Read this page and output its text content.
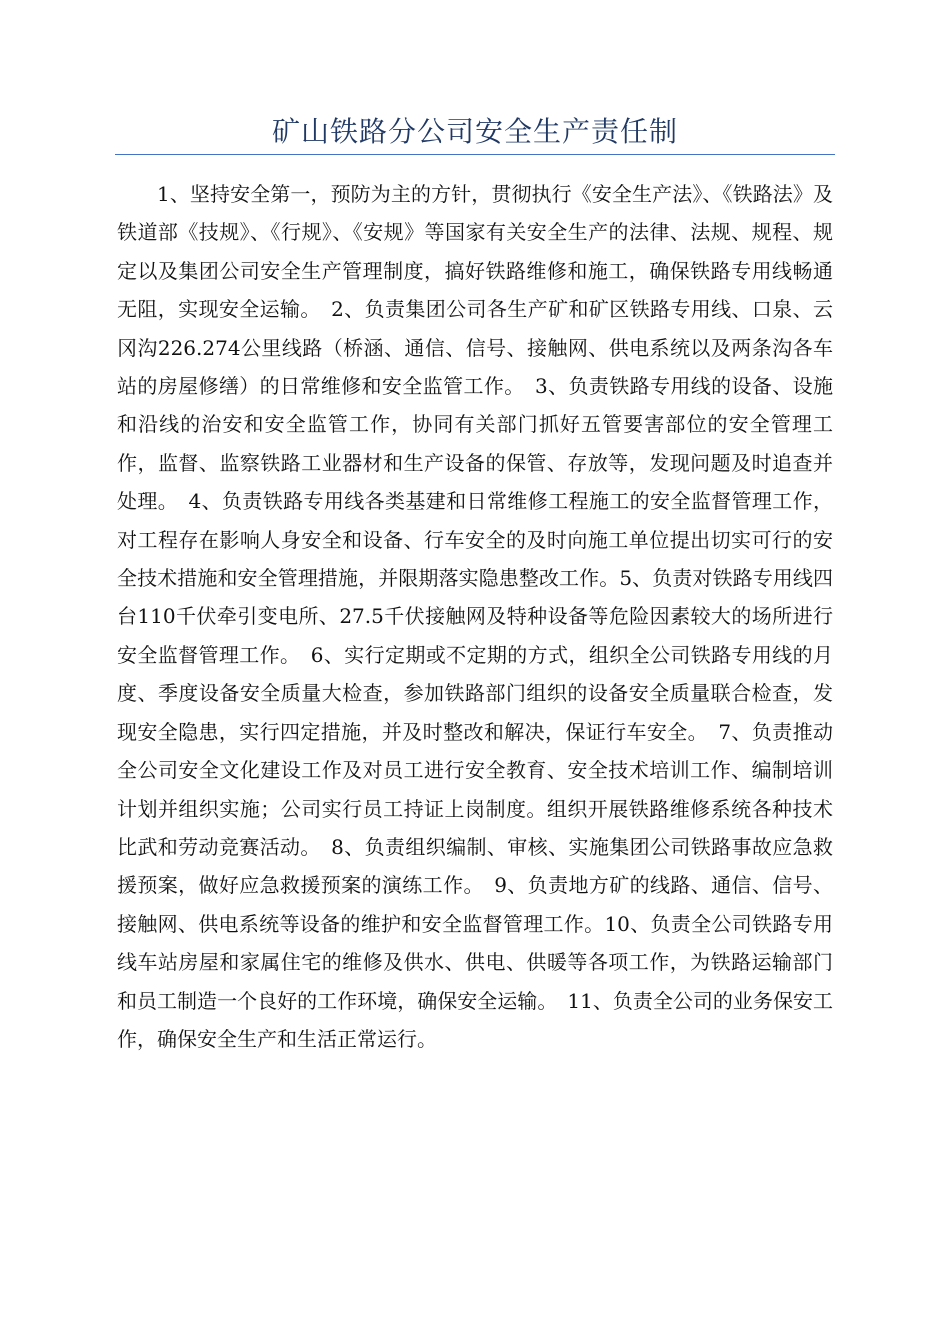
矿山铁路分公司安全生产责任制

1、坚持安全第一，预防为主的方针，贯彻执行《安全生产法》、《铁路法》及铁道部《技规》、《行规》、《安规》等国家有关安全生产的法律、法规、规程、规定以及集团公司安全生产管理制度，搞好铁路维修和施工，确保铁路专用线畅通无阻，实现安全运输。　2、负责集团公司各生产矿和矿区铁路专用线、口泉、云冈沟226.274公里线路（桥涵、通信、信号、接触网、供电系统以及两条沟各车站的房屋修缮）的日常维修和安全监管工作。　3、负责铁路专用线的设备、设施和沿线的治安和安全监管工作，协同有关部门抓好五管要害部位的安全管理工作，监督、监察铁路工业器材和生产设备的保管、存放等，发现问题及时追查并处理。　4、负责铁路专用线各类基建和日常维修工程施工的安全监督管理工作，对工程存在影响人身安全和设备、行车安全的及时向施工单位提出切实可行的安全技术措施和安全管理措施，并限期落实隐患整改工作。5、负责对铁路专用线四台110千伏牵引变电所、27.5千伏接触网及特种设备等危险因素较大的场所进行安全监督管理工作。　6、实行定期或不定期的方式，组织全公司铁路专用线的月度、季度设备安全质量大检查，参加铁路部门组织的设备安全质量联合检查，发现安全隐患，实行四定措施，并及时整改和解决，保证行车安全。　7、负责推动全公司安全文化建设工作及对员工进行安全教育、安全技术培训工作、编制培训计划并组织实施；公司实行员工持证上岗制度。组织开展铁路维修系统各种技术比武和劳动竞赛活动。　8、负责组织编制、审核、实施集团公司铁路事故应急救援预案，做好应急救援预案的演练工作。　9、负责地方矿的线路、通信、信号、接触网、供电系统等设备的维护和安全监督管理工作。10、负责全公司铁路专用线车站房屋和家属住宅的维修及供水、供电、供暖等各项工作，为铁路运输部门和员工制造一个良好的工作环境，确保安全运输。　11、负责全公司的业务保安工作，确保安全生产和生活正常运行。
